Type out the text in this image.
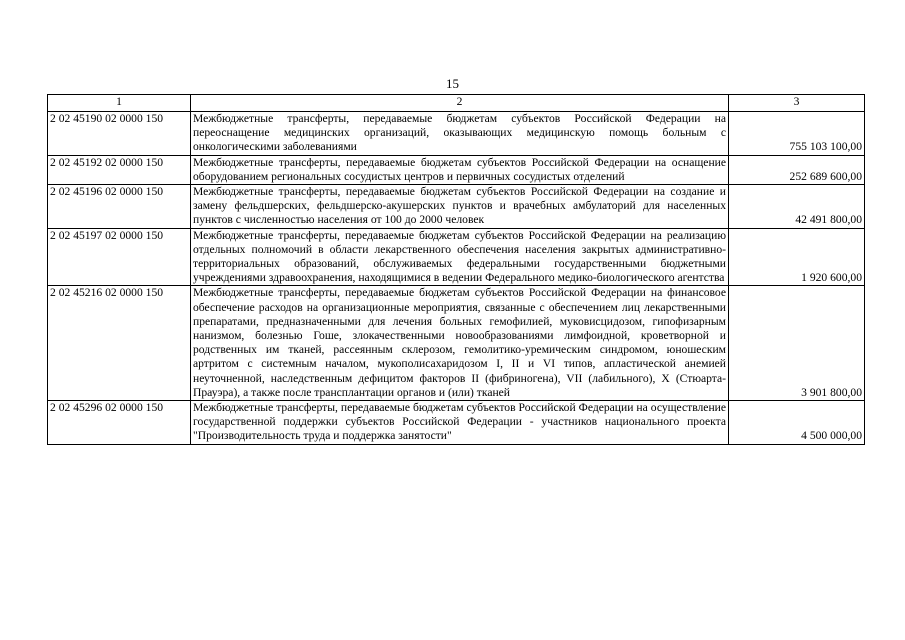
15
1	2	3
2 02 45190 02 0000 150	Межбюджетные трансферты, передаваемые бюджетам субъектов Российской Федерации на переоснащение медицинских организаций, оказывающих медицинскую помощь больным с онкологическими заболеваниями	755 103 100,00
2 02 45192 02 0000 150	Межбюджетные трансферты, передаваемые бюджетам субъектов Российской Федерации на оснащение оборудованием региональных сосудистых центров и первичных сосудистых отделений	252 689 600,00
2 02 45196 02 0000 150	Межбюджетные трансферты, передаваемые бюджетам субъектов Российской Федерации на создание и замену фельдшерских, фельдшерско-акушерских пунктов и врачебных амбулаторий для населенных пунктов с численностью населения от 100 до 2000 человек	42 491 800,00
2 02 45197 02 0000 150	Межбюджетные трансферты, передаваемые бюджетам субъектов Российской Федерации на реализацию отдельных полномочий в области лекарственного обеспечения населения закрытых административно-территориальных образований, обслуживаемых федеральными государственными бюджетными учреждениями здравоохранения, находящимися в ведении Федерального медико-биологического агентства	1 920 600,00
2 02 45216 02 0000 150	Межбюджетные трансферты, передаваемые бюджетам субъектов Российской Федерации на финансовое обеспечение расходов на организационные мероприятия, связанные с обеспечением лиц лекарственными препаратами, предназначенными для лечения больных гемофилией, муковисцидозом, гипофизарным нанизмом, болезнью Гоше, злокачественными новообразованиями лимфоидной, кроветворной и родственных им тканей, рассеянным склерозом, гемолитико-уремическим синдромом, юношеским артритом с системным началом, мукополисахаридозом I, II и VI типов, апластической анемией неуточненной, наследственным дефицитом факторов II (фибриногена), VII (лабильного), X (Стюарта-Прауэра), а также после трансплантации органов и (или) тканей	3 901 800,00
2 02 45296 02 0000 150	Межбюджетные трансферты, передаваемые бюджетам субъектов Российской Федерации на осуществление государственной поддержки субъектов Российской Федерации - участников национального проекта "Производительность труда и поддержка занятости"	4 500 000,00
